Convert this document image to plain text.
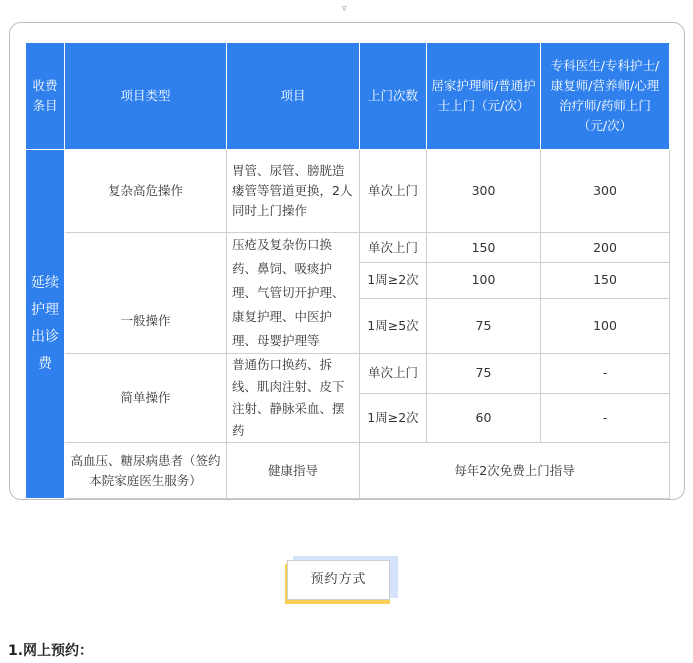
▿
收费条目	项目类型	项目	上门次数	居家护理师/普通护士上门（元/次）	专科医生/专科护士/康复师/营养师/心理治疗师/药师上门（元/次）
延续护理出诊费	复杂高危操作	胃管、尿管、膀胱造瘘管等管道更换，2人同时上门操作	单次上门	300	300
	一般操作	压疮及复杂伤口换药、鼻饲、吸痰护理、气管切开护理、康复护理、中医护理、母婴护理等	单次上门	150	200
			1周≥2次	100	150
			1周≥5次	75	100
	简单操作	普通伤口换药、拆线、肌肉注射、皮下注射、静脉采血、摆药	单次上门	75	-
			1周≥2次	60	-
	高血压、糖尿病患者（签约本院家庭医生服务）	健康指导	每年2次免费上门指导		
预约方式
1.网上预约：
